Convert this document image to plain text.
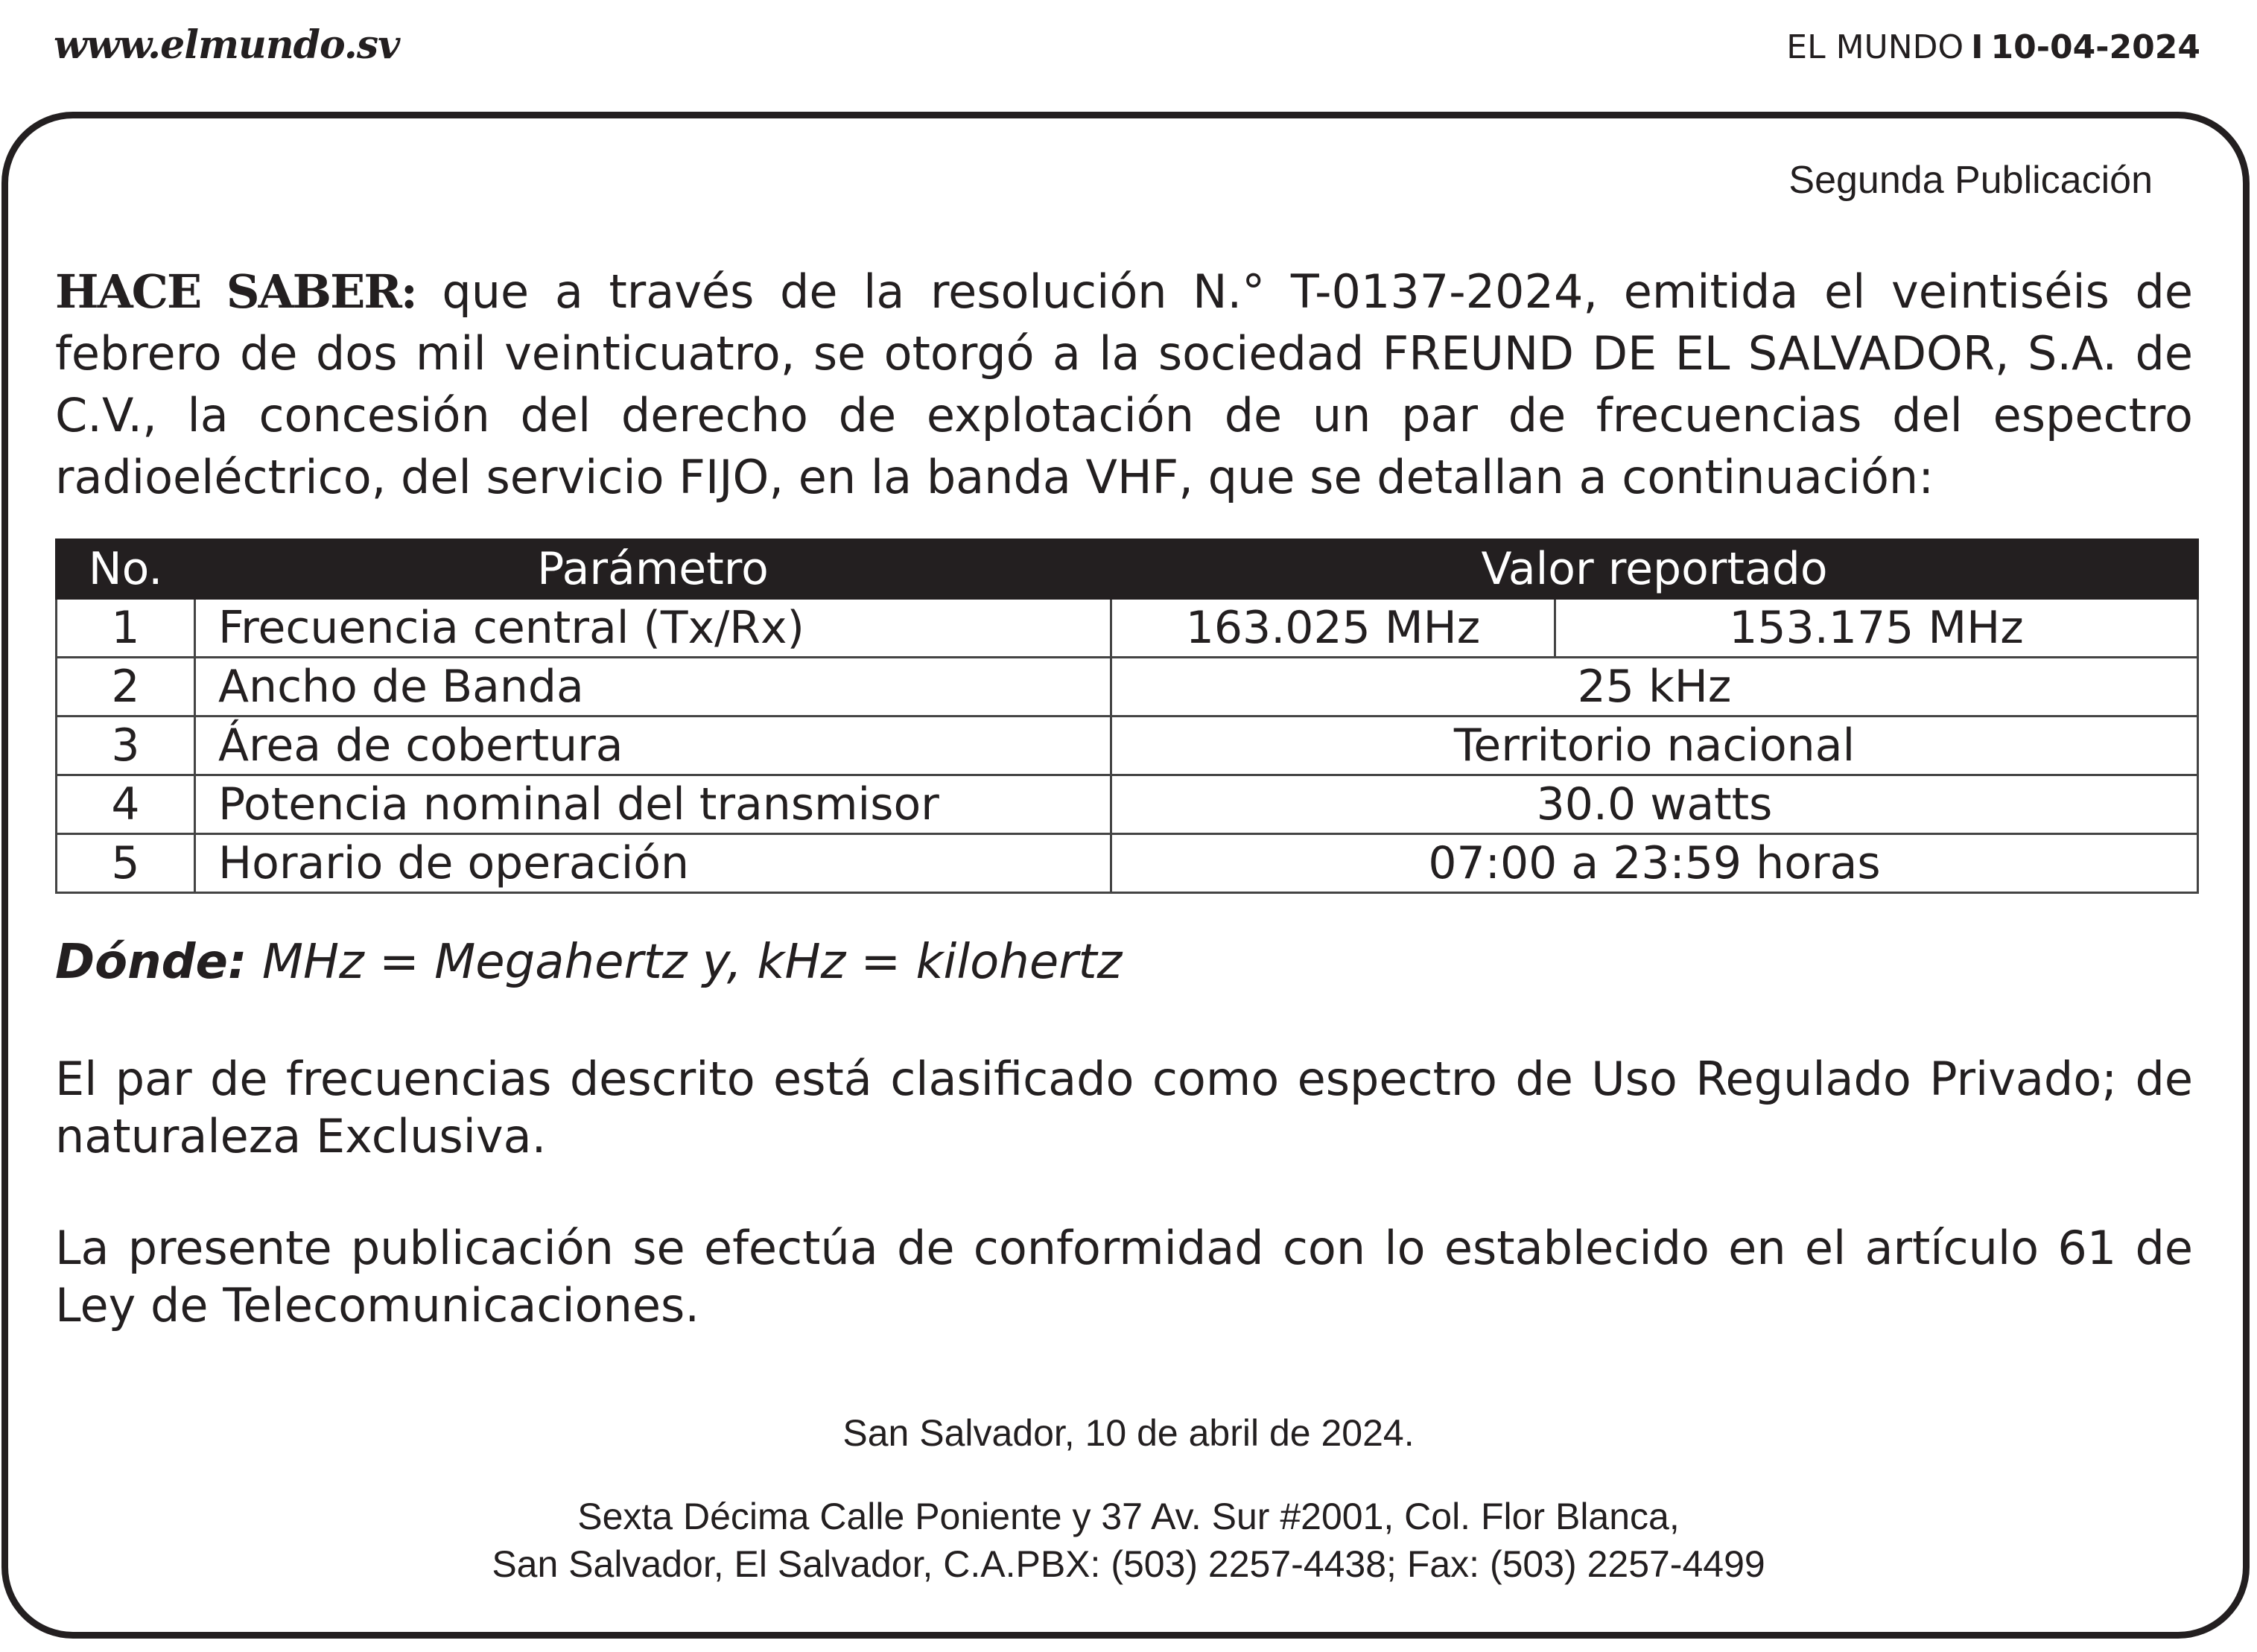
www.elmundo.sv	EL MUNDO I 10-04-2024
Segunda Publicación
HACE SABER: que a través de la resolución N.° T-0137-2024, emitida el veintiséis de febrero de dos mil veinticuatro, se otorgó a la sociedad FREUND DE EL SALVADOR, S.A. de C.V., la concesión del derecho de explotación de un par de frecuencias del espectro radioeléctrico, del servicio FIJO, en la banda VHF, que se detallan a continuación:
No.	Parámetro	Valor reportado	
1	Frecuencia central (Tx/Rx)	163.025 MHz	153.175 MHz
2	Ancho de Banda	25 kHz	
3	Área de cobertura	Territorio nacional	
4	Potencia nominal del transmisor	30.0 watts	
5	Horario de operación	07:00 a 23:59 horas	
Dónde: MHz = Megahertz y, kHz = kilohertz
El par de frecuencias descrito está clasificado como espectro de Uso Regulado Privado; de naturaleza Exclusiva.
La presente publicación se efectúa de conformidad con lo establecido en el artículo 61 de Ley de Telecomunicaciones.
San Salvador, 10 de abril de 2024.
Sexta Décima Calle Poniente y 37 Av. Sur #2001, Col. Flor Blanca,
San Salvador, El Salvador, C.A.PBX: (503) 2257-4438; Fax: (503) 2257-4499
